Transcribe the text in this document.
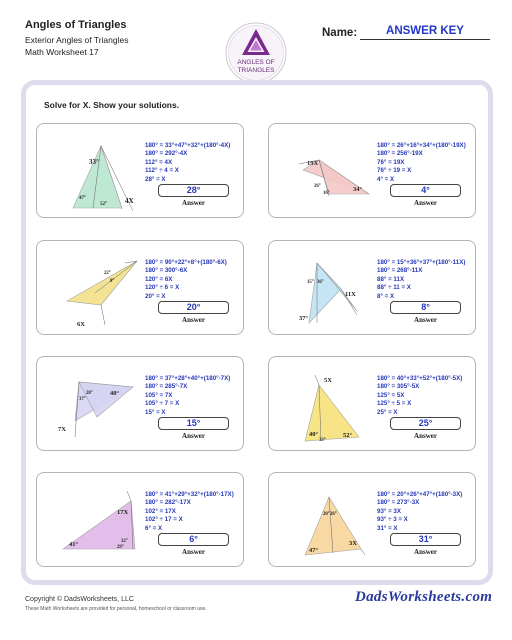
Angles of Triangles
Exterior Angles of Triangles
Math Worksheet 17
ANGLES OF
TRIANGLES
Name:	ANSWER KEY
Solve for X. Show your solutions.
33°
47°
52°	4X
180° = 33°+47°+32°+(180°-4X)
180° = 292°-4X
112° = 4X
112° ÷ 4 = X
28° = X
28°
Answer
19X
26°
16°
34°
180° = 26°+16°+34°+(180°-19X)
180° = 256°-19X
76° = 19X
76° ÷ 19 = X
4° = X
4°
Answer
22°
8°
6X
180° = 90°+22°+8°+(180°-6X)
180° = 300°-6X
120° = 6X
120° ÷ 6 = X
20° = X
20°
Answer
15° 36°
37°
11X
180° = 15°+36°+37°+(180°-11X)
180° = 268°-11X
88° = 11X
88° ÷ 11 = X
8° = X
8°
Answer
28°
37°
40°
7X
180° = 37°+28°+40°+(180°-7X)
180° = 285°-7X
105° = 7X
105° ÷ 7 = X
15° = X
15°
Answer
5X
40°
33°
52°
180° = 40°+33°+52°+(180°-5X)
180° = 305°-5X
125° = 5X
125° ÷ 5 = X
25° = X
25°
Answer
17X
41°	29°
32°
180° = 41°+29°+32°+(180°-17X)
180° = 282°-17X
102° = 17X
102° ÷ 17 = X
6° = X
6°
Answer
20° 26°
47°
3X
180° = 20°+26°+47°+(180°-3X)
180° = 273°-3X
93° = 3X
93° ÷ 3 = X
31° = X
31°
Answer
Copyright © DadsWorksheets, LLC
These Math Worksheets are provided for personal, homeschool or classroom use.
DadsWorksheets.com
